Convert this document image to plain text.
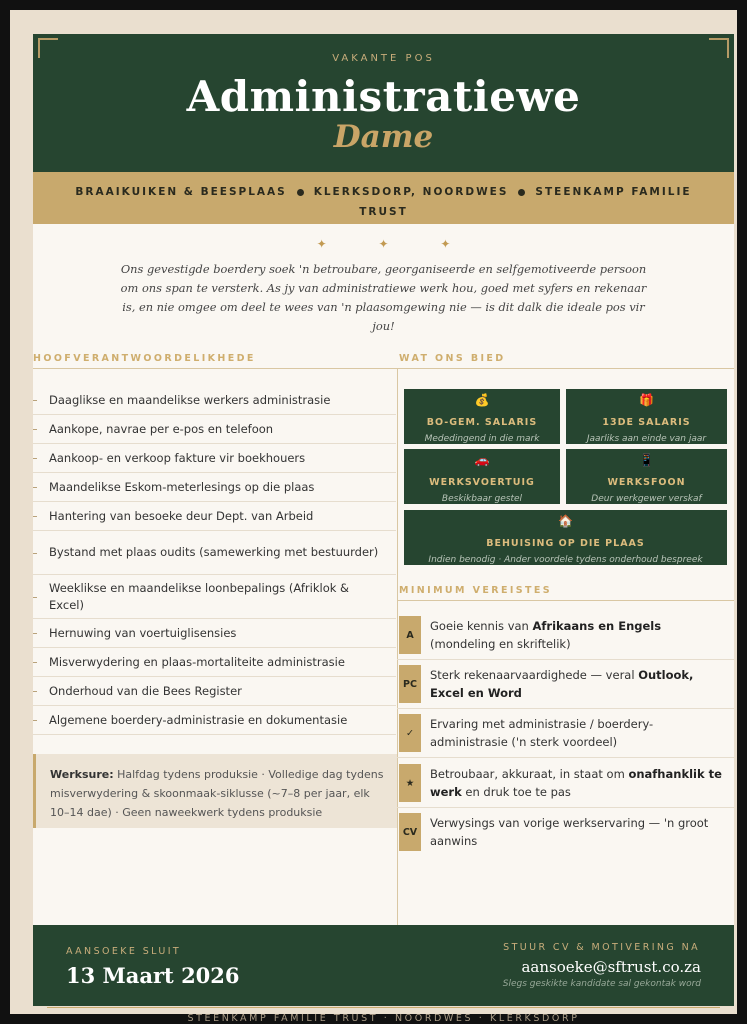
VAKANTE POS
Administratiewe
Dame
BRAAIKUIKEN & BEESPLAAS	KLERKSDORP, NOORDWES	STEENKAMP FAMILIE TRUST
✦ ✦ ✦
Ons gevestigde boerdery soek 'n betroubare, georganiseerde en selfgemotiveerde persoon om ons span te versterk. As jy van administratiewe werk hou, goed met syfers en rekenaar is, en nie omgee om deel te wees van 'n plaasomgewing nie — is dit dalk die ideale pos vir jou!
HOOFVERANTWOORDELIKHEDE	WAT ONS BIED
Daaglikse en maandelikse werkers administrasie
Aankope, navrae per e-pos en telefoon
Aankoop- en verkoop fakture vir boekhouers
Maandelikse Eskom-meterlesings op die plaas
Hantering van besoeke deur Dept. van Arbeid
Bystand met plaas oudits (samewerking met bestuurder)
Weeklikse en maandelikse loonbepalings (Afriklok & Excel)
Hernuwing van voertuiglisensies
Misverwydering en plaas-mortaliteite administrasie
Onderhoud van die Bees Register
Algemene boerdery-administrasie en dokumentasie
Werksure: Halfdag tydens produksie · Volledige dag tydens misverwydering & skoonmaak-siklusse (~7–8 per jaar, elk 10–14 dae) · Geen naweekwerk tydens produksie
💰
BO-GEM. SALARIS
Mededingend in die mark
🎁
13DE SALARIS
Jaarliks aan einde van jaar
🚗
WERKSVOERTUIG
Beskikbaar gestel
📱
WERKSFOON
Deur werkgewer verskaf
🏠
BEHUISING OP DIE PLAAS
Indien benodig · Ander voordele tydens onderhoud bespreek
MINIMUM VEREISTES
A
Goeie kennis van Afrikaans en Engels (mondeling en skriftelik)
PC
Sterk rekenaarvaardighede — veral Outlook, Excel en Word
✓
Ervaring met administrasie / boerdery-administrasie ('n sterk voordeel)
★
Betroubaar, akkuraat, in staat om onafhanklik te werk en druk toe te pas
CV
Verwysings van vorige werkservaring — 'n groot aanwins
AANSOEKE SLUIT
13 Maart 2026
STUUR CV & MOTIVERING NA
aansoeke@sftrust.co.za
Slegs geskikte kandidate sal gekontak word
STEENKAMP FAMILIE TRUST · NOORDWES · KLERKSDORP
